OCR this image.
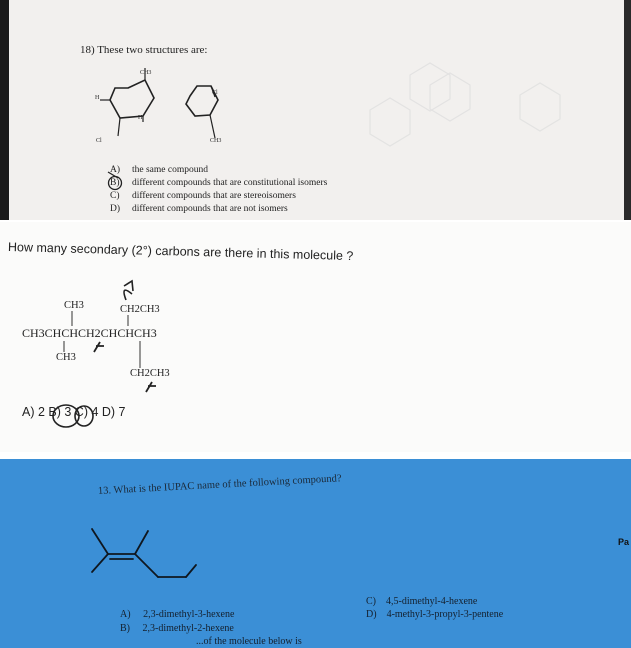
18) These two structures are:
CH3
H
H
Cl
Cl
CH3
A) the same compound
B) different compounds that are constitutional isomers
C) different compounds that are stereoisomers
D) different compounds that are not isomers
How many secondary (2°) carbons are there in this molecule ?
CH3	CH2CH3
CH3CHCHCH2CHCHCH3
CH3
CH2CH3
A) 2 B) 3 C) 4 D) 7
Pa
13. What is the IUPAC name of the following compound?
A) 2,3-dimethyl-3-hexene
B) 2,3-dimethyl-2-hexene
C) 4,5-dimethyl-4-hexene
D) 4-methyl-3-propyl-3-pentene
...of the molecule below is
